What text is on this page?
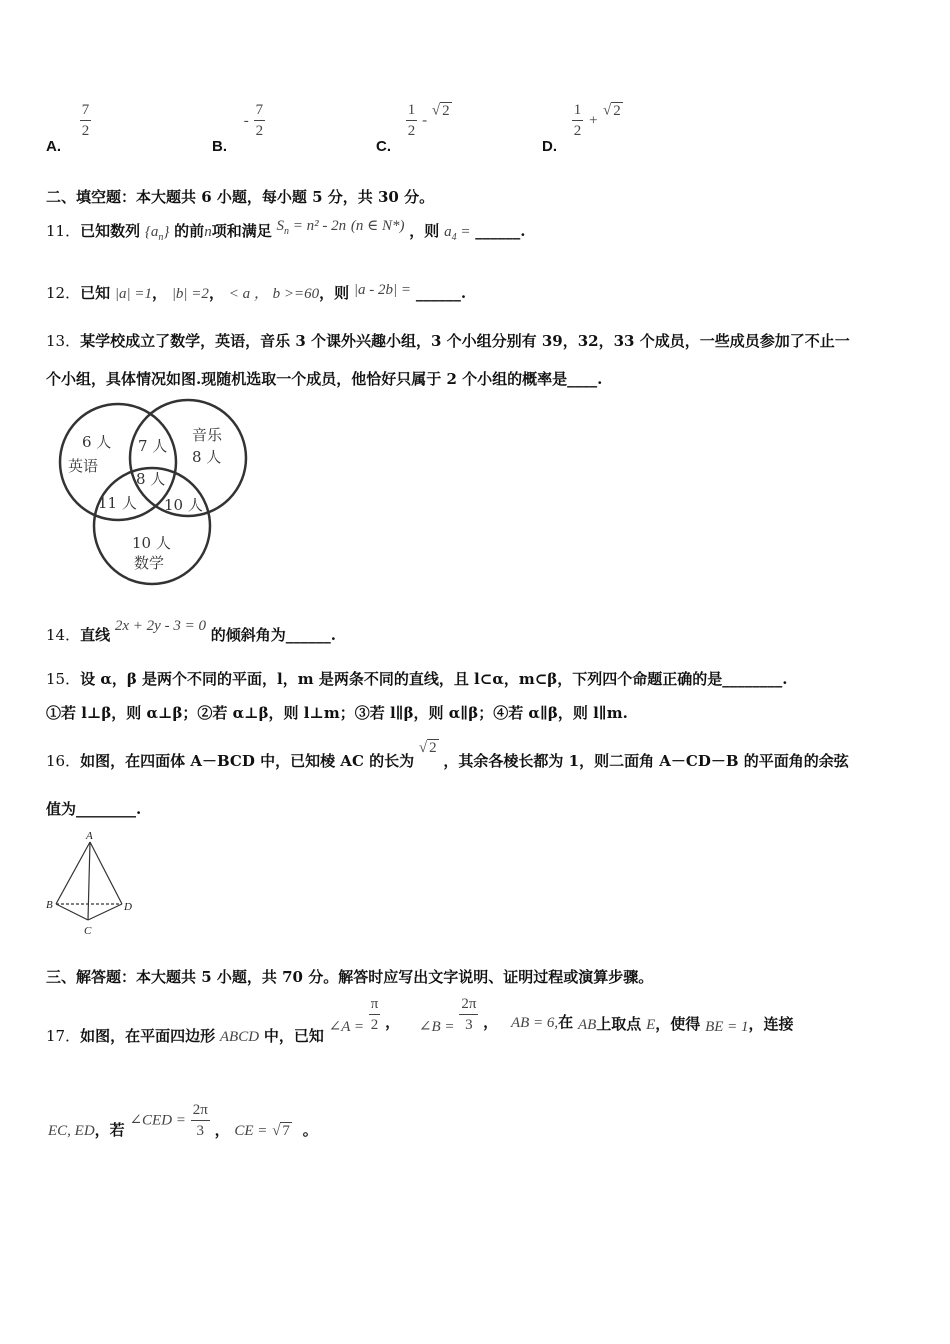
A.
$\frac{7}{2}$
B. - $\frac{7}{2}$
C.
$\frac{1}{2}$ - √ 2
D.
$\frac{1}{2}$ + √ 2
二、填空题：本大题共 6 小题，每小题 5 分，共 30 分。
11．已知数列 $\{a_n\}$ 的前n项和满足 $S_n = n^2 - 2n$ (n ∈ N*) ，则 $a_4$ = ______.
12．已知 |a| =1， |b| =2， < a ， b >=60，则 |a - 2b| = ______.
13．某学校成立了数学，英语，音乐 3 个课外兴趣小组，3 个小组分别有 39，32，33 个成员，一些成员参加了不止一
个小组，具体情况如图.现随机选取一个成员，他恰好只属于 2 个小组的概率是____.
6 人
英语
7 人
音乐
8 人
8 人
11 人 10 人
10 人
数学
14．直线 2x + 2y - 3 = 0 的倾斜角为______.
15．设 α，β 是两个不同的平面，l，m 是两条不同的直线，且 l⊂α，m⊂β，下列四个命题正确的是________.
①若 l⊥β，则 α⊥β；②若 α⊥β，则 l⊥m；③若 l∥β，则 α∥β；④若 α∥β，则 l∥m.
16．如图，在四面体 A－BCD 中，已知棱 AC 的长为 √ 2 ，其余各棱长都为 1，则二面角 A－CD－B 的平面角的余弦
值为________.
A
B
C
D
三、解答题：本大题共 5 小题，共 70 分。解答时应写出文字说明、证明过程或演算步骤。
17．如图，在平面四边形 ABCD 中，已知 ∠A = $\frac{\pi}{2}$ ， ∠B = $\frac{2\pi}{3}$ ， AB = 6,在 AB上取点 E，使得 BE = 1，连接
EC, ED，若 ∠CED = $\frac{2\pi}{3}$ ， CE = √ 7 。
